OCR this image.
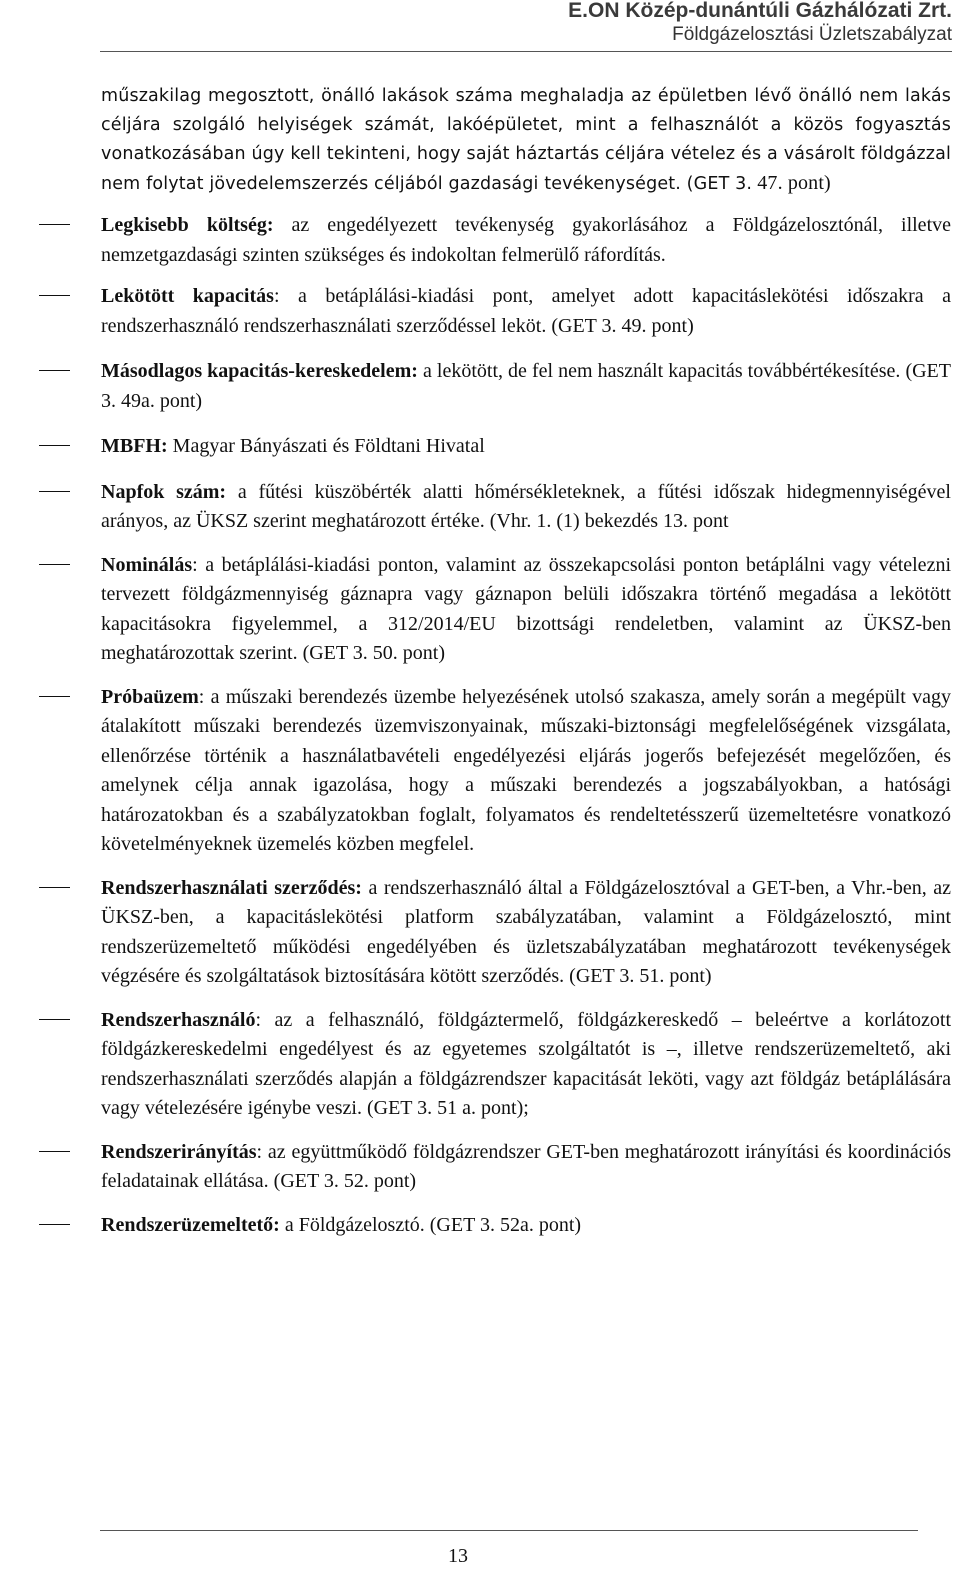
E.ON Közép-dunántúli Gázhálózati Zrt.
Földgázelosztási Üzletszabályzat

műszakilag megosztott, önálló lakások száma meghaladja az épületben lévő önálló nem lakás céljára szolgáló helyiségek számát, lakóépületet, mint a felhasználót a közös fogyasztás vonatkozásában úgy kell tekinteni, hogy saját háztartás céljára vételez és a vásárolt földgázzal nem folytat jövedelemszerzés céljából gazdasági tevékenységet. (GET 3. 47. pont)

Legkisebb költség: az engedélyezett tevékenység gyakorlásához a Földgázelosztónál, illetve nemzetgazdasági szinten szükséges és indokoltan felmerülő ráfordítás.
Lekötött kapacitás: a betáplálási-kiadási pont, amelyet adott kapacitáslekötési időszakra a rendszerhasználó rendszerhasználati szerződéssel leköt. (GET 3. 49. pont)
Másodlagos kapacitás-kereskedelem: a lekötött, de fel nem használt kapacitás továbbértékesítése. (GET 3. 49a. pont)
MBFH: Magyar Bányászati és Földtani Hivatal
Napfok szám: a fűtési küszöbérték alatti hőmérsékleteknek, a fűtési időszak hidegmennyiségével arányos, az ÜKSZ szerint meghatározott értéke. (Vhr. 1. (1) bekezdés 13. pont
Nominálás: a betáplálási-kiadási ponton, valamint az összekapcsolási ponton betáplálni vagy vételezni tervezett földgázmennyiség gáznapra vagy gáznapon belüli időszakra történő megadása a lekötött kapacitásokra figyelemmel, a 312/2014/EU bizottsági rendeletben, valamint az ÜKSZ-ben meghatározottak szerint. (GET 3. 50. pont)
Próbaüzem: a műszaki berendezés üzembe helyezésének utolsó szakasza, amely során a megépült vagy átalakított műszaki berendezés üzemviszonyainak, műszaki-biztonsági megfelelőségének vizsgálata, ellenőrzése történik a használatbavételi engedélyezési eljárás jogerős befejezését megelőzően, és amelynek célja annak igazolása, hogy a műszaki berendezés a jogszabályokban, a hatósági határozatokban és a szabályzatokban foglalt, folyamatos és rendeltetésszerű üzemeltetésre vonatkozó követelményeknek üzemelés közben megfelel.
Rendszerhasználati szerződés: a rendszerhasználó által a Földgázelosztóval a GET-ben, a Vhr.-ben, az ÜKSZ-ben, a kapacitáslekötési platform szabályzatában, valamint a Földgázelosztó, mint rendszerüzemeltető működési engedélyében és üzletszabályzatában meghatározott tevékenységek végzésére és szolgáltatások biztosítására kötött szerződés. (GET 3. 51. pont)
Rendszerhasználó: az a felhasználó, földgáztermelő, földgázkereskedő – beleértve a korlátozott földgázkereskedelmi engedélyest és az egyetemes szolgáltatót is –, illetve rendszerüzemeltető, aki rendszerhasználati szerződés alapján a földgázrendszer kapacitását leköti, vagy azt földgáz betáplálására vagy vételezésére igénybe veszi. (GET 3. 51 a. pont);
Rendszerirányítás: az együttműködő földgázrendszer GET-ben meghatározott irányítási és koordinációs feladatainak ellátása. (GET 3. 52. pont)
Rendszerüzemeltető: a Földgázelosztó. (GET 3. 52a. pont)
13
